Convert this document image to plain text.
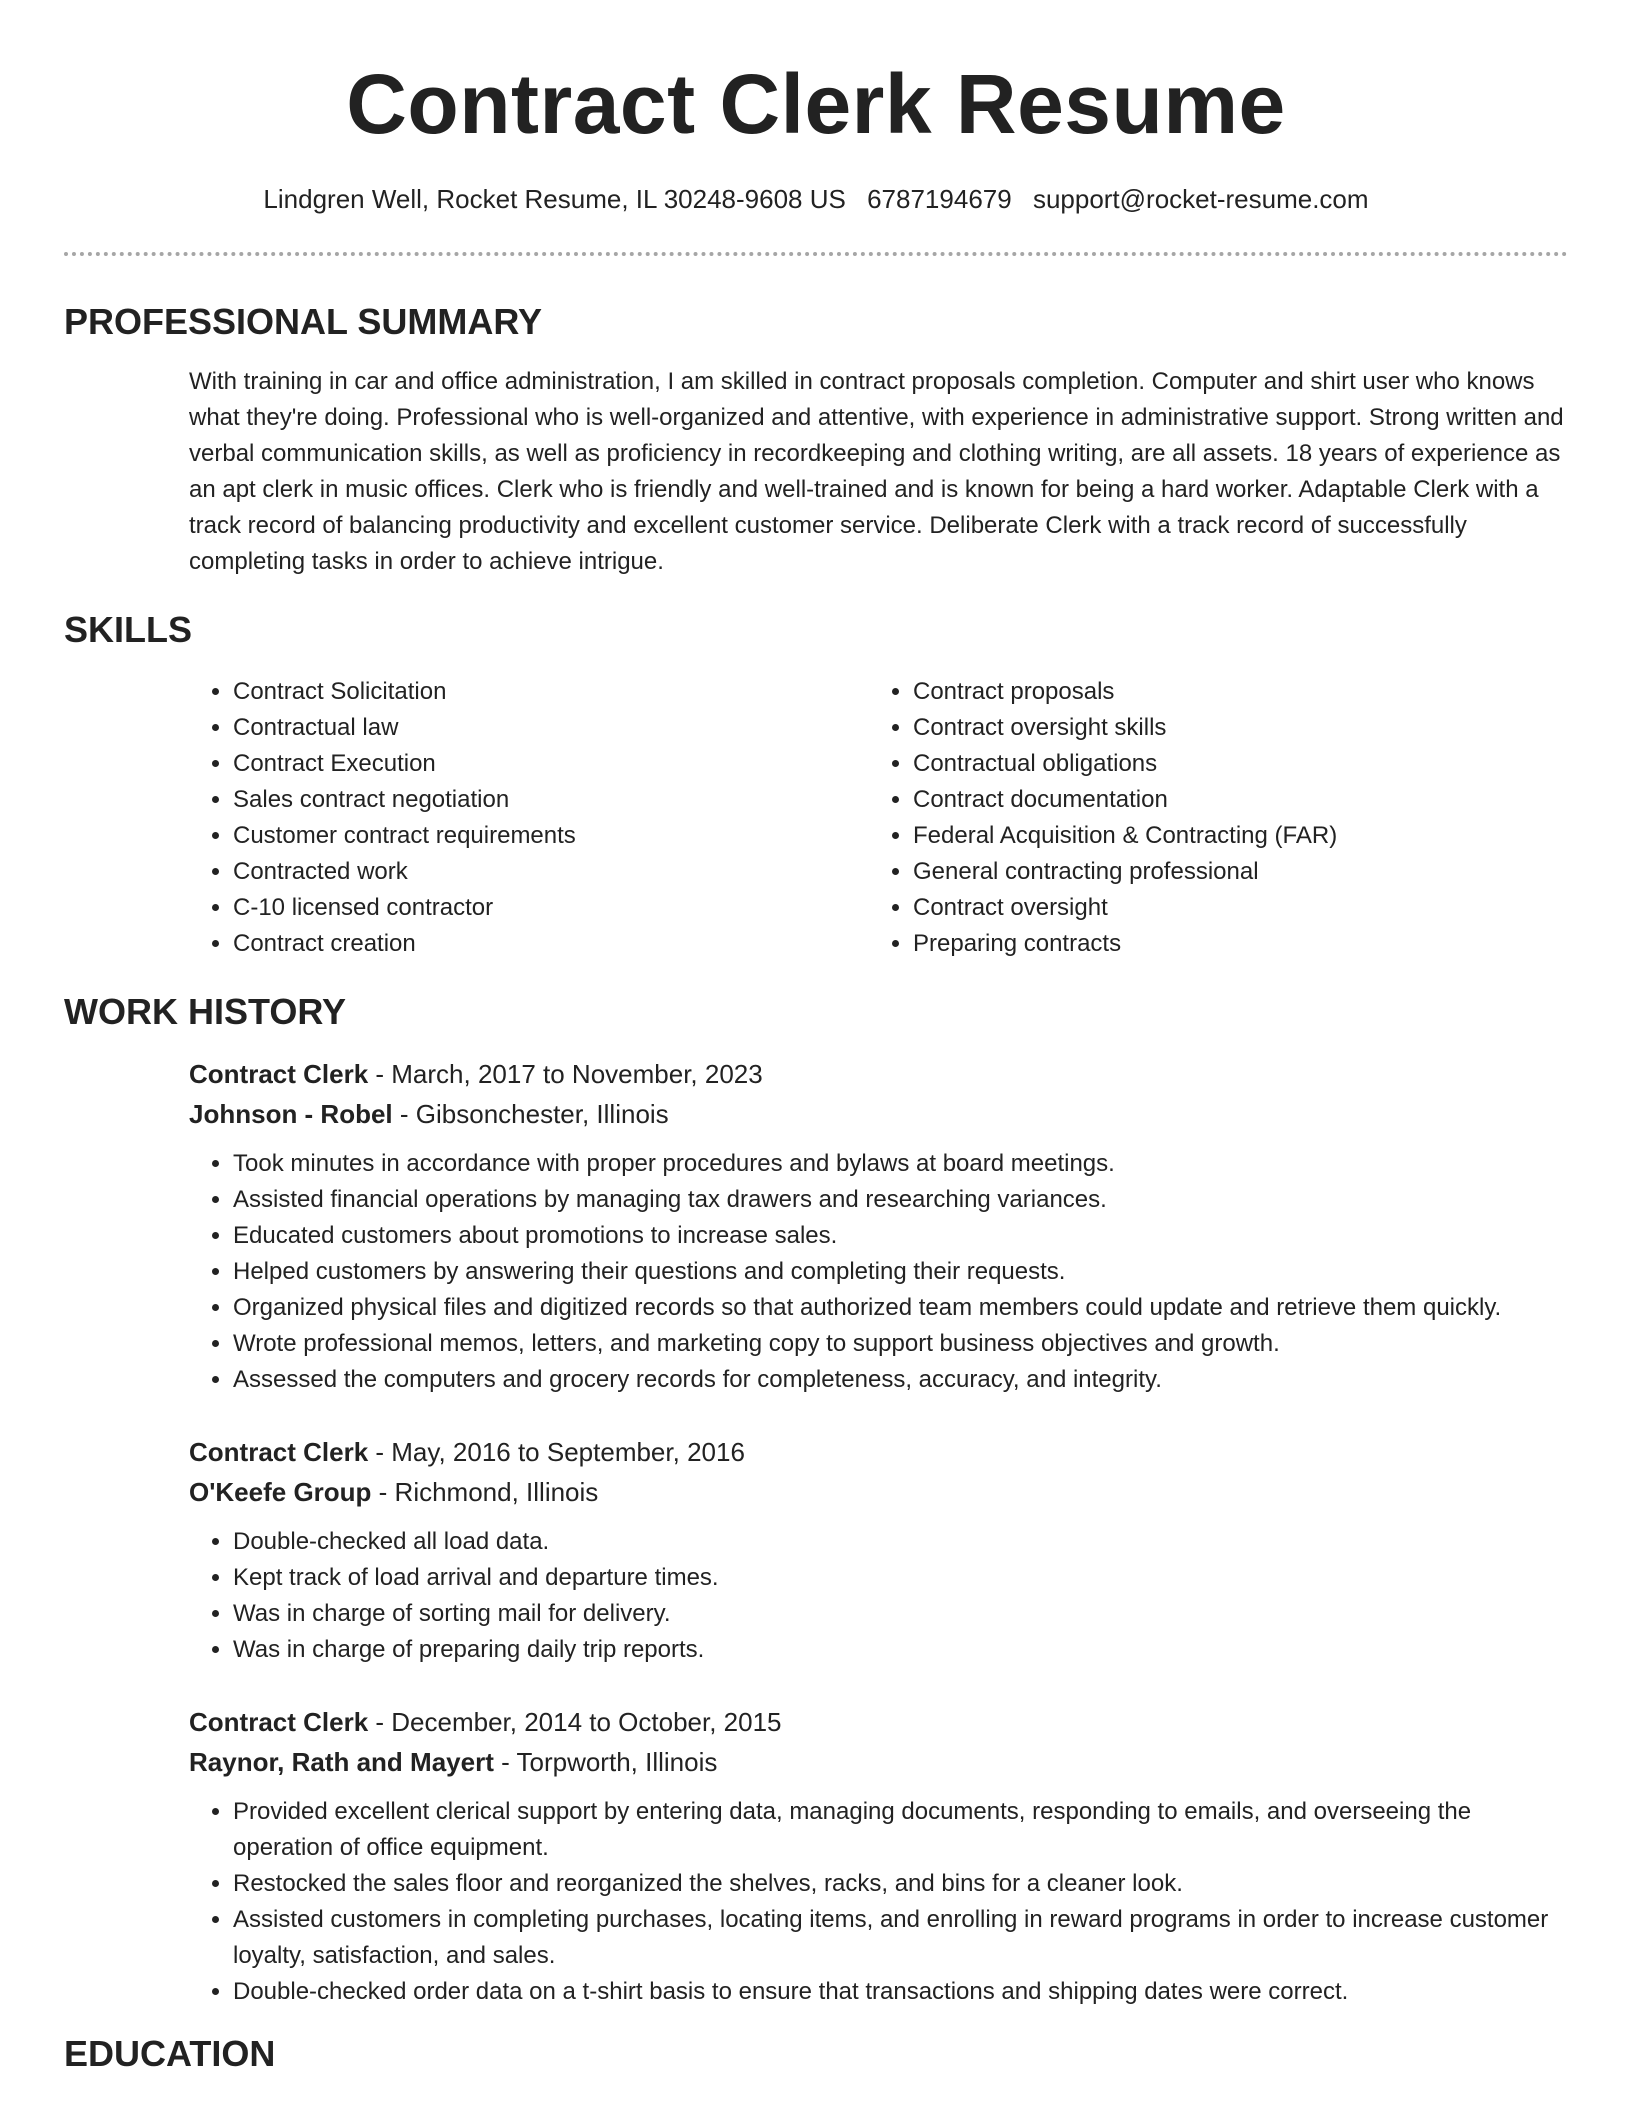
Contract Clerk Resume
Lindgren Well, Rocket Resume, IL 30248-9608 US 6787194679 support@rocket-resume.com
PROFESSIONAL SUMMARY
With training in car and office administration, I am skilled in contract proposals completion. Computer and shirt user who knows what they're doing. Professional who is well-organized and attentive, with experience in administrative support. Strong written and verbal communication skills, as well as proficiency in recordkeeping and clothing writing, are all assets. 18 years of experience as an apt clerk in music offices. Clerk who is friendly and well-trained and is known for being a hard worker. Adaptable Clerk with a track record of balancing productivity and excellent customer service. Deliberate Clerk with a track record of successfully completing tasks in order to achieve intrigue.
SKILLS
• Contract Solicitation
• Contractual law
• Contract Execution
• Sales contract negotiation
• Customer contract requirements
• Contracted work
• C-10 licensed contractor
• Contract creation
• Contract proposals
• Contract oversight skills
• Contractual obligations
• Contract documentation
• Federal Acquisition & Contracting (FAR)
• General contracting professional
• Contract oversight
• Preparing contracts
WORK HISTORY
Contract Clerk - March, 2017 to November, 2023
Johnson - Robel - Gibsonchester, Illinois
• Took minutes in accordance with proper procedures and bylaws at board meetings.
• Assisted financial operations by managing tax drawers and researching variances.
• Educated customers about promotions to increase sales.
• Helped customers by answering their questions and completing their requests.
• Organized physical files and digitized records so that authorized team members could update and retrieve them quickly.
• Wrote professional memos, letters, and marketing copy to support business objectives and growth.
• Assessed the computers and grocery records for completeness, accuracy, and integrity.
Contract Clerk - May, 2016 to September, 2016
O'Keefe Group - Richmond, Illinois
• Double-checked all load data.
• Kept track of load arrival and departure times.
• Was in charge of sorting mail for delivery.
• Was in charge of preparing daily trip reports.
Contract Clerk - December, 2014 to October, 2015
Raynor, Rath and Mayert - Torpworth, Illinois
• Provided excellent clerical support by entering data, managing documents, responding to emails, and overseeing the operation of office equipment.
• Restocked the sales floor and reorganized the shelves, racks, and bins for a cleaner look.
• Assisted customers in completing purchases, locating items, and enrolling in reward programs in order to increase customer loyalty, satisfaction, and sales.
• Double-checked order data on a t-shirt basis to ensure that transactions and shipping dates were correct.
EDUCATION
